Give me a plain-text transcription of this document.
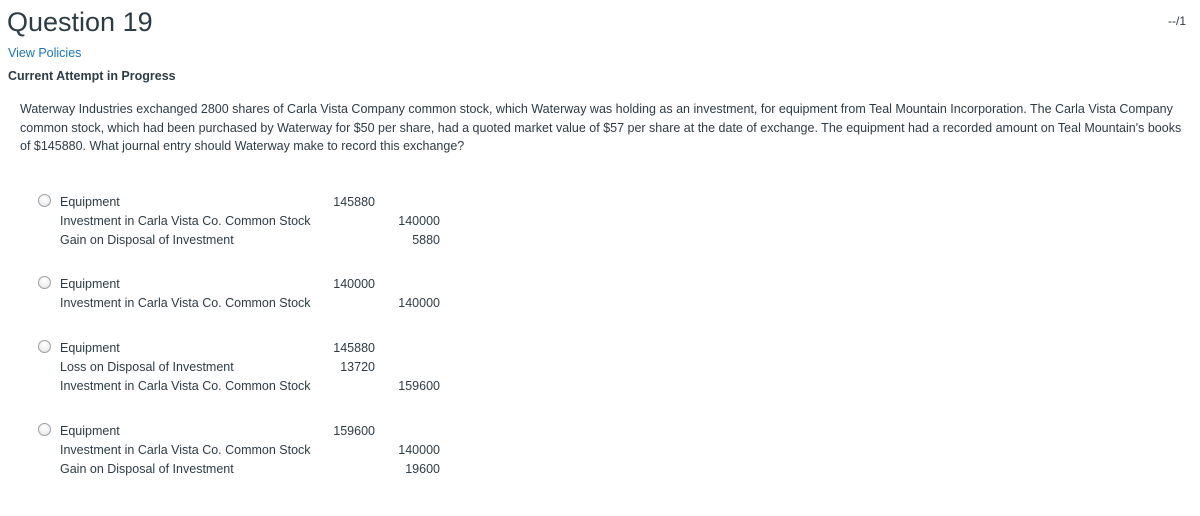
Question 19	--/1
View Policies
Current Attempt in Progress
Waterway Industries exchanged 2800 shares of Carla Vista Company common stock, which Waterway was holding as an investment, for equipment from Teal Mountain Incorporation. The Carla Vista Company common stock, which had been purchased by Waterway for $50 per share, had a quoted market value of $57 per share at the date of exchange. The equipment had a recorded amount on Teal Mountain's books of $145880. What journal entry should Waterway make to record this exchange?
Equipment	145880
Investment in Carla Vista Co. Common Stock	140000
Gain on Disposal of Investment	5880
Equipment	140000
Investment in Carla Vista Co. Common Stock	140000
Equipment	145880
Loss on Disposal of Investment	13720
Investment in Carla Vista Co. Common Stock	159600
Equipment	159600
Investment in Carla Vista Co. Common Stock	140000
Gain on Disposal of Investment	19600
